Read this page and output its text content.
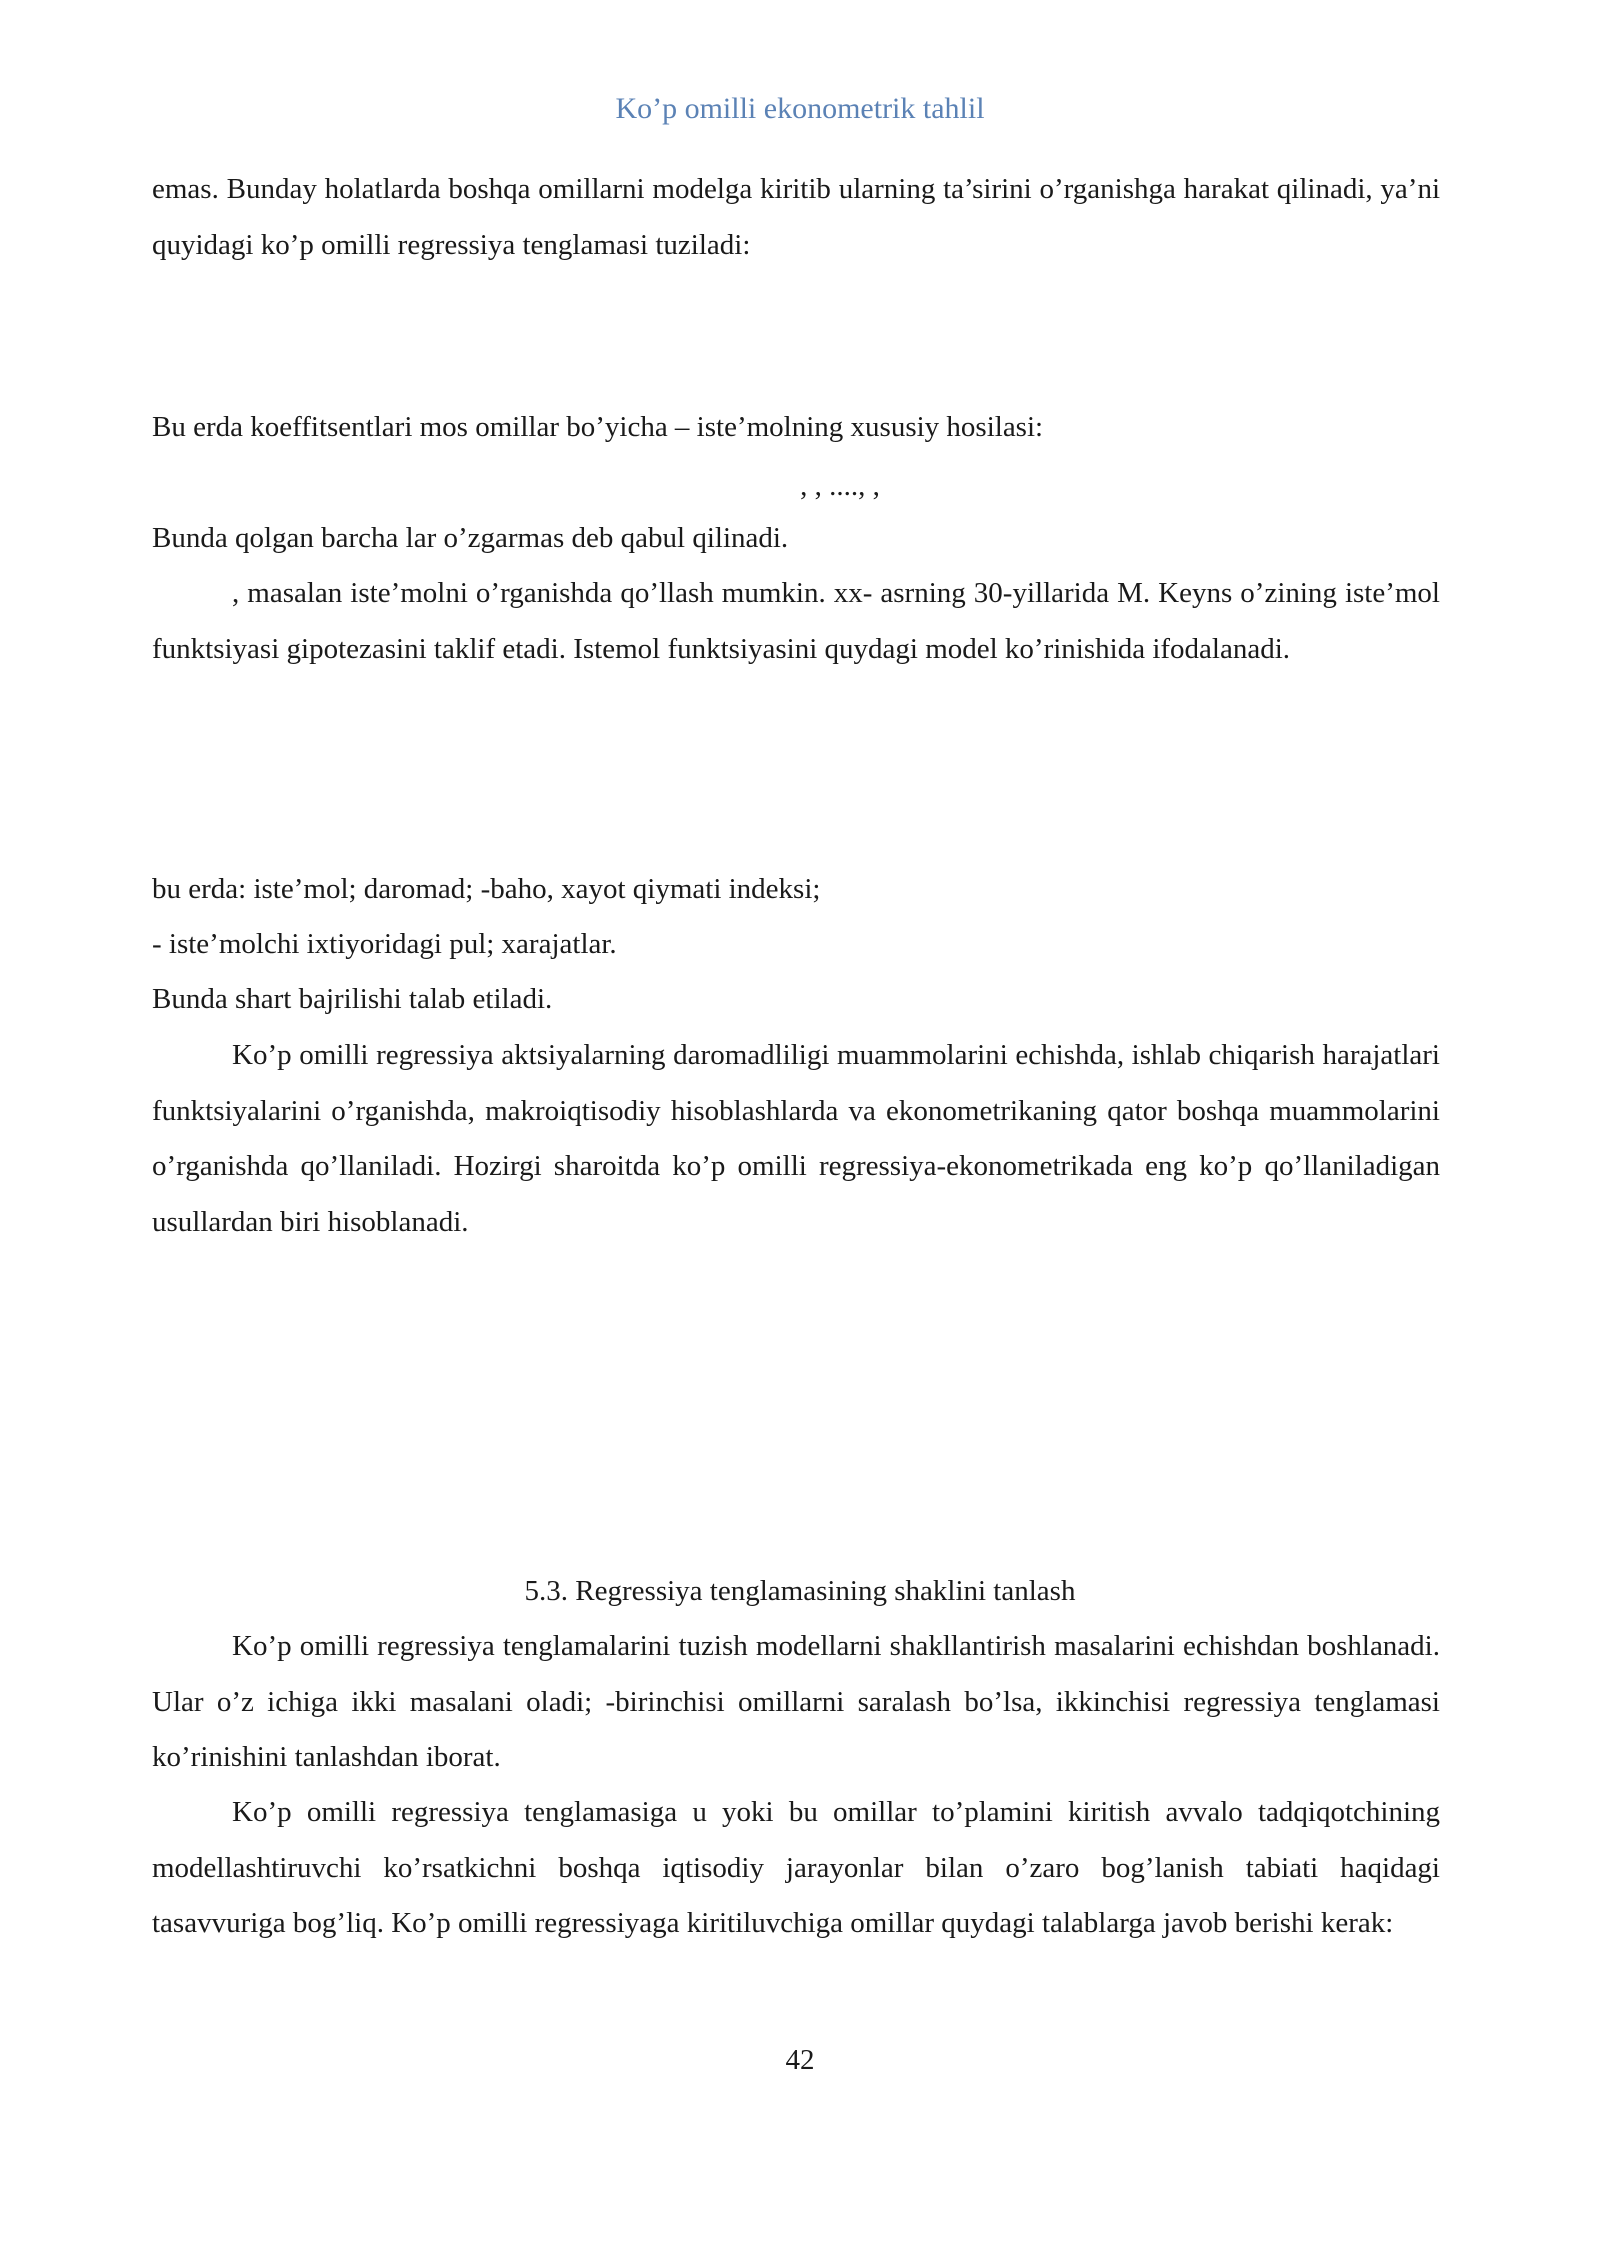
Ko’p omilli ekonometrik tahlil

emas. Bunday holatlarda boshqa omillarni modelga kiritib ularning ta’sirini o’rganishga harakat qilinadi, ya’ni quyidagi ko’p omilli regressiya tenglamasi tuziladi:

Bu erda koeffitsentlari mos omillar bo’yicha – iste’molning xususiy hosilasi:

, , ...., ,

Bunda qolgan barcha lar o’zgarmas deb qabul qilinadi.

, masalan iste’molni o’rganishda qo’llash mumkin. xx- asrning 30-yillarida M. Keyns o’zining iste’mol funktsiyasi gipotezasini taklif etadi. Istemol funktsiyasini quydagi model ko’rinishida ifodalanadi.

bu erda: iste’mol; daromad; -baho, xayot qiymati indeksi;

- iste’molchi ixtiyoridagi pul; xarajatlar.

Bunda shart bajrilishi talab etiladi.

Ko’p omilli regressiya aktsiyalarning daromadliligi muammolarini echishda, ishlab chiqarish harajatlari funktsiyalarini o’rganishda, makroiqtisodiy hisoblashlarda va ekonometrikaning qator boshqa muammolarini o’rganishda qo’llaniladi. Hozirgi sharoitda ko’p omilli regressiya-ekonometrikada eng ko’p qo’llaniladigan usullardan biri hisoblanadi.

5.3. Regressiya tenglamasining shaklini tanlash

Ko’p omilli regressiya tenglamalarini tuzish modellarni shakllantirish masalarini echishdan boshlanadi. Ular o’z ichiga ikki masalani oladi; -birinchisi omillarni saralash bo’lsa, ikkinchisi regressiya tenglamasi ko’rinishini tanlashdan iborat.

Ko’p omilli regressiya tenglamasiga u yoki bu omillar to’plamini kiritish avvalo tadqiqotchining modellashtiruvchi ko’rsatkichni boshqa iqtisodiy jarayonlar bilan o’zaro bog’lanish tabiati haqidagi tasavvuriga bog’liq. Ko’p omilli regressiyaga kiritiluvchiga omillar quydagi talablarga javob berishi kerak:

42
